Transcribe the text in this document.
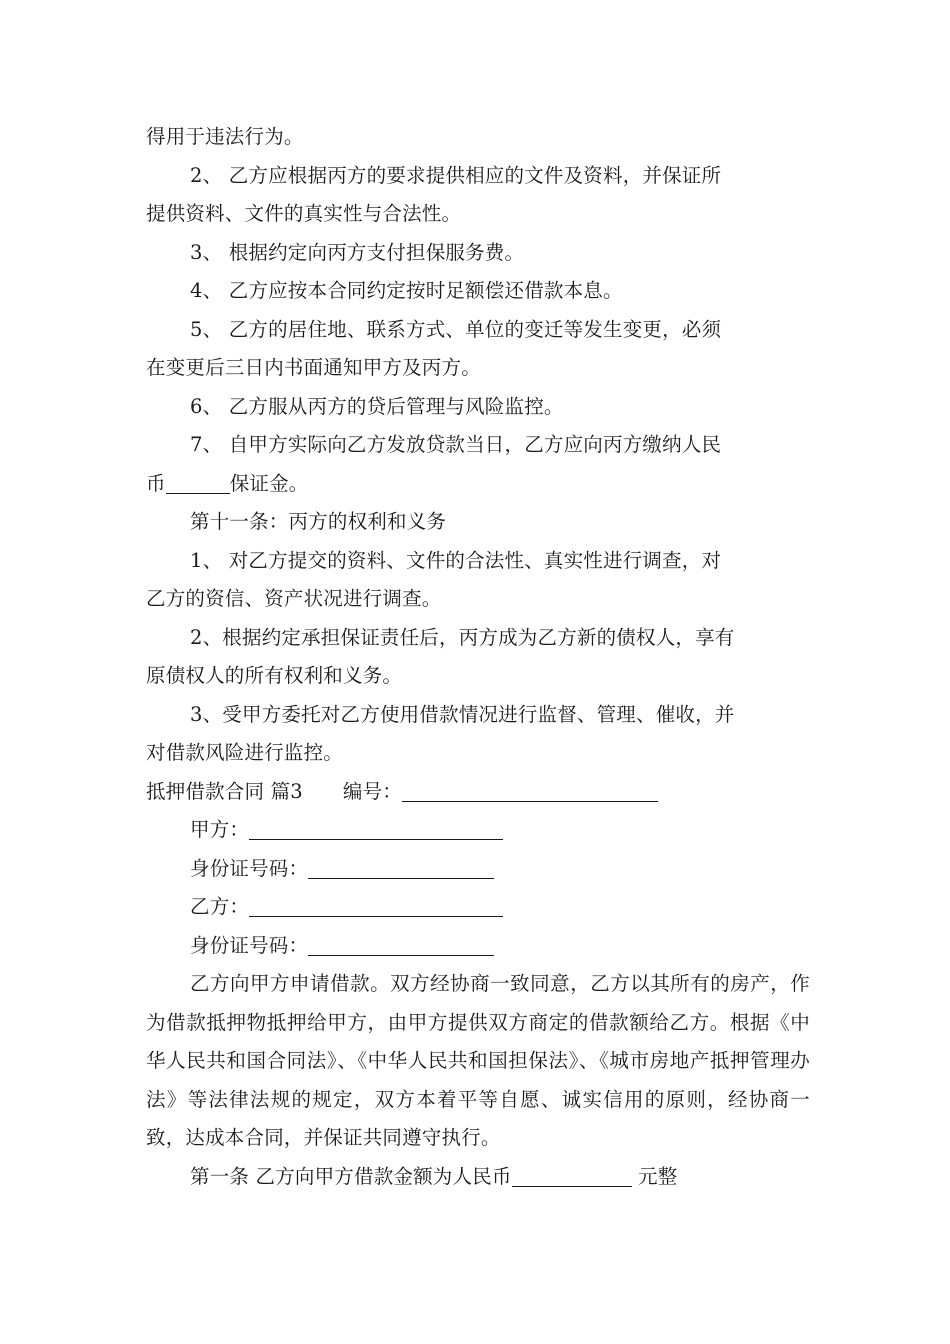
得用于违法行为。

2、 乙方应根据丙方的要求提供相应的文件及资料，并保证所

提供资料、文件的真实性与合法性。

3、 根据约定向丙方支付担保服务费。

4、 乙方应按本合同约定按时足额偿还借款本息。

5、 乙方的居住地、联系方式、单位的变迁等发生变更，必须

在变更后三日内书面通知甲方及丙方。

6、 乙方服从丙方的贷后管理与风险监控。

7、 自甲方实际向乙方发放贷款当日，乙方应向丙方缴纳人民

币	保证金。

第十一条：丙方的权利和义务

1、 对乙方提交的资料、文件的合法性、真实性进行调查，对

乙方的资信、资产状况进行调查。

2、根据约定承担保证责任后，丙方成为乙方新的债权人，享有

原债权人的所有权利和义务。

3、受甲方委托对乙方使用借款情况进行监督、管理、催收，并

对借款风险进行监控。

抵押借款合同 篇3 编号：

甲方：

身份证号码：

乙方：

身份证号码：

乙方向甲方申请借款。双方经协商一致同意，乙方以其所有的房产，作为借款抵押物抵押给甲方，由甲方提供双方商定的借款额给乙方。根据《中华人民共和国合同法》、《中华人民共和国担保法》、《城市房地产抵押管理办法》等法律法规的规定，双方本着平等自愿、诚实信用的原则，经协商一致，达成本合同，并保证共同遵守执行。

第一条 乙方向甲方借款金额为人民币	元整
